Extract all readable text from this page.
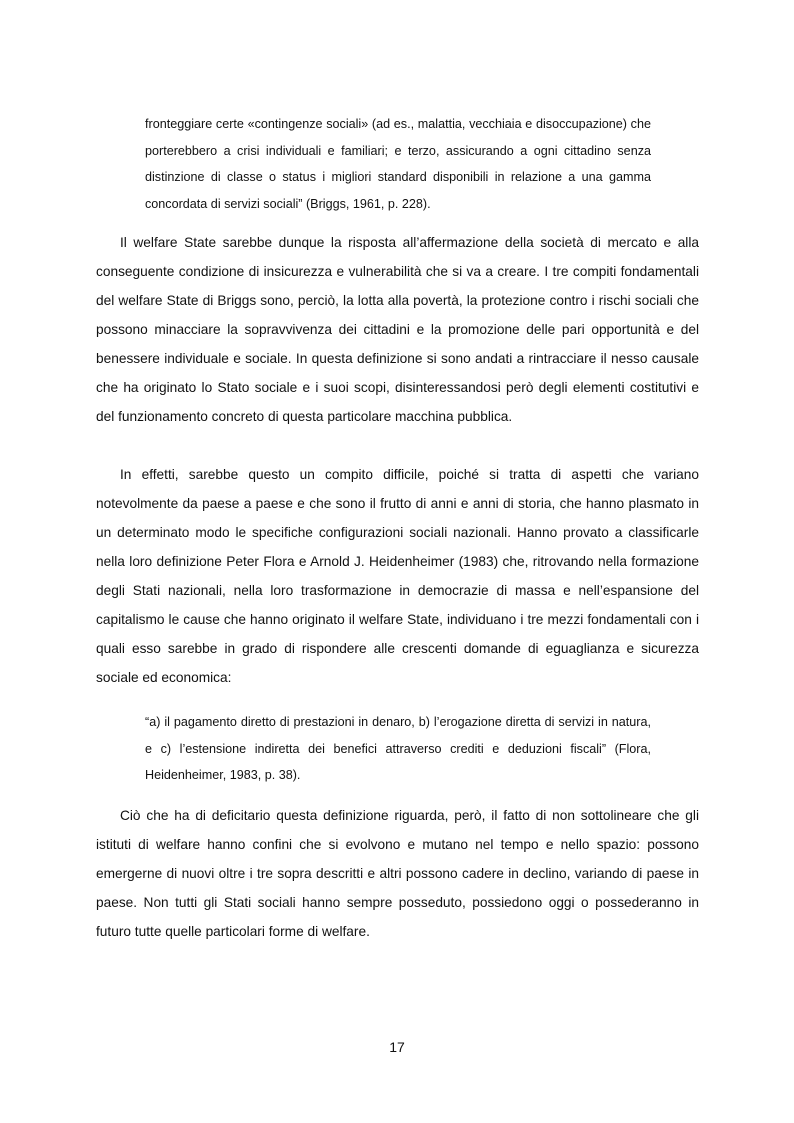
fronteggiare certe «contingenze sociali» (ad es., malattia, vecchiaia e disoccupazione) che porterebbero a crisi individuali e familiari; e terzo, assicurando a ogni cittadino senza distinzione di classe o status i migliori standard disponibili in relazione a una gamma concordata di servizi sociali” (Briggs, 1961, p. 228).

Il welfare State sarebbe dunque la risposta all’affermazione della società di mercato e alla conseguente condizione di insicurezza e vulnerabilità che si va a creare. I tre compiti fondamentali del welfare State di Briggs sono, perciò, la lotta alla povertà, la protezione contro i rischi sociali che possono minacciare la sopravvivenza dei cittadini e la promozione delle pari opportunità e del benessere individuale e sociale. In questa definizione si sono andati a rintracciare il nesso causale che ha originato lo Stato sociale e i suoi scopi, disinteressandosi però degli elementi costitutivi e del funzionamento concreto di questa particolare macchina pubblica.

In effetti, sarebbe questo un compito difficile, poiché si tratta di aspetti che variano notevolmente da paese a paese e che sono il frutto di anni e anni di storia, che hanno plasmato in un determinato modo le specifiche configurazioni sociali nazionali. Hanno provato a classificarle nella loro definizione Peter Flora e Arnold J. Heidenheimer (1983) che, ritrovando nella formazione degli Stati nazionali, nella loro trasformazione in democrazie di massa e nell’espansione del capitalismo le cause che hanno originato il welfare State, individuano i tre mezzi fondamentali con i quali esso sarebbe in grado di rispondere alle crescenti domande di eguaglianza e sicurezza sociale ed economica:

“a) il pagamento diretto di prestazioni in denaro, b) l’erogazione diretta di servizi in natura, e c) l’estensione indiretta dei benefici attraverso crediti e deduzioni fiscali” (Flora, Heidenheimer, 1983, p. 38).

Ciò che ha di deficitario questa definizione riguarda, però, il fatto di non sottolineare che gli istituti di welfare hanno confini che si evolvono e mutano nel tempo e nello spazio: possono emergerne di nuovi oltre i tre sopra descritti e altri possono cadere in declino, variando di paese in paese. Non tutti gli Stati sociali hanno sempre posseduto, possiedono oggi o possederanno in futuro tutte quelle particolari forme di welfare.

17
